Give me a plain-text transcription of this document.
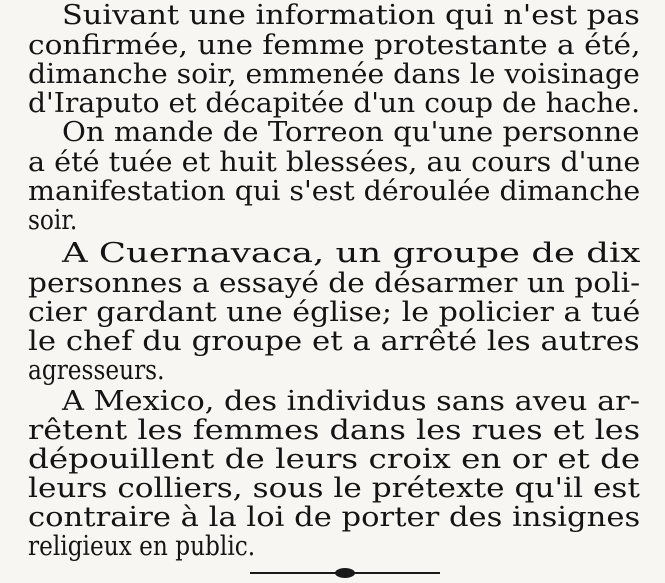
Suivant une information qui n'est pas
confirmée, une femme protestante a été,
dimanche soir, emmenée dans le voisinage
d'Iraputo et décapitée d'un coup de hache.
On mande de Torreon qu'une personne
a été tuée et huit blessées, au cours d'une
manifestation qui s'est déroulée dimanche
soir.
A Cuernavaca, un groupe de dix
personnes a essayé de désarmer un poli-
cier gardant une église; le policier a tué
le chef du groupe et a arrêté les autres
agresseurs.
A Mexico, des individus sans aveu ar-
rêtent les femmes dans les rues et les
dépouillent de leurs croix en or et de
leurs colliers, sous le prétexte qu'il est
contraire à la loi de porter des insignes
religieux en public.
